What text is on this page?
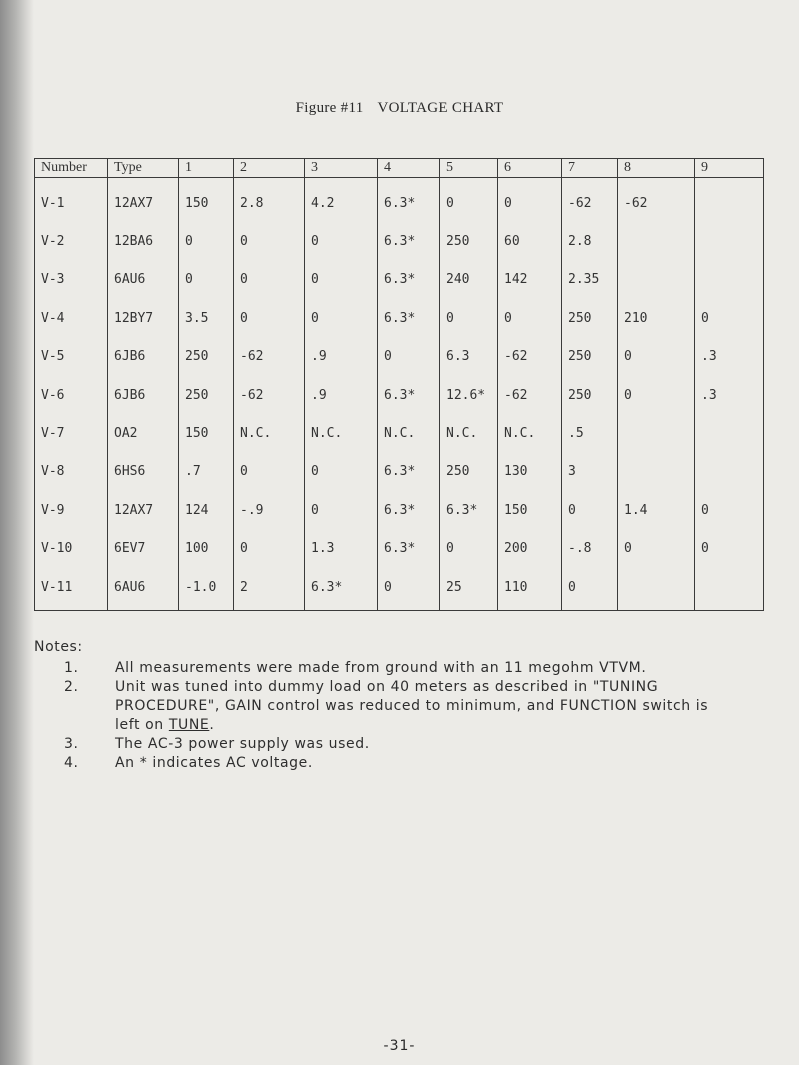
Figure #11 VOLTAGE CHART
Number	Type	1	2	3	4	5	6	7	8	9
V-1	12AX7	150	2.8	4.2	6.3*	0	0	-62	-62	
V-2	12BA6	0	0	0	6.3*	250	60	2.8		
V-3	6AU6	0	0	0	6.3*	240	142	2.35		
V-4	12BY7	3.5	0	0	6.3*	0	0	250	210	0
V-5	6JB6	250	-62	.9	0	6.3	-62	250	0	.3
V-6	6JB6	250	-62	.9	6.3*	12.6*	-62	250	0	.3
V-7	OA2	150	N.C.	N.C.	N.C.	N.C.	N.C.	.5		
V-8	6HS6	.7	0	0	6.3*	250	130	3		
V-9	12AX7	124	-.9	0	6.3*	6.3*	150	0	1.4	0
V-10	6EV7	100	0	1.3	6.3*	0	200	-.8	0	0
V-11	6AU6	-1.0	2	6.3*	0	25	110	0		
Notes:
1.	All measurements were made from ground with an 11 megohm VTVM.
2.	Unit was tuned into dummy load on 40 meters as described in "TUNING PROCEDURE", GAIN control was reduced to minimum, and FUNCTION switch is left on TUNE.
3.	The AC-3 power supply was used.
4.	An * indicates AC voltage.
-31-
